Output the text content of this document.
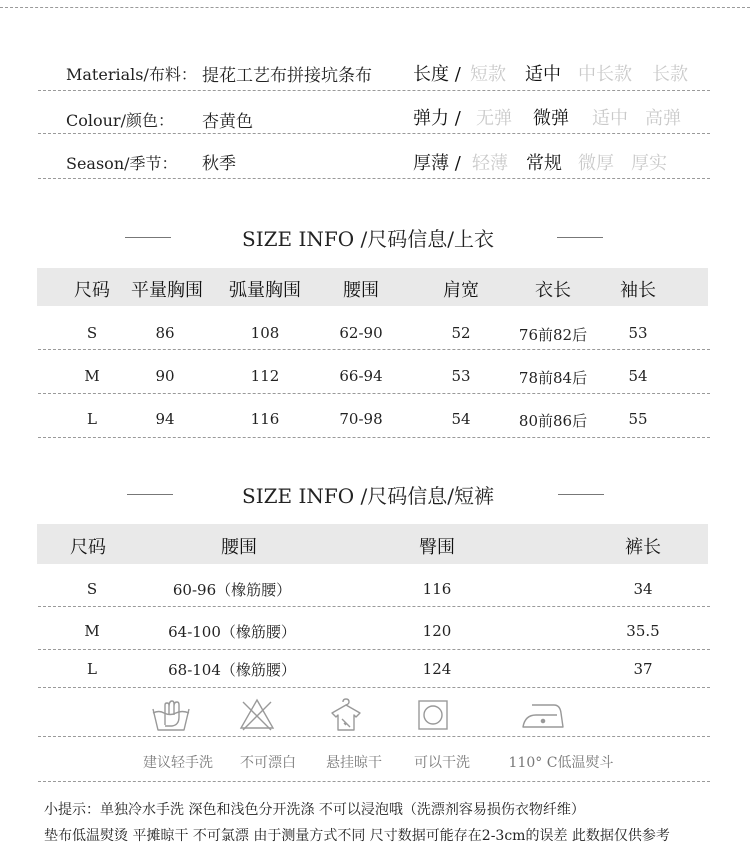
Materials/布料： 提花工艺布拼接坑条布
Colour/颜色： 杏黄色
Season/季节： 秋季
长度 / 短款 适中 中长款 长款
弹力 / 无弹 微弹 适中 高弹
厚薄 / 轻薄 常规 微厚 厚实
SIZE INFO /尺码信息/上衣
尺码 平量胸围 弧量胸围 腰围	肩宽	衣长	袖长
S	86	108	62-90	52	76前82后	53
M	90	112	66-94	53	78前84后	54
L	94	116	70-98	54	80前86后	55
SIZE INFO /尺码信息/短裤
尺码	腰围	臀围	裤长
S	60-96（橡筋腰）	116	34
M	64-100（橡筋腰）	120	35.5
L	68-104（橡筋腰）	124	37
建议轻手洗 不可漂白 悬挂晾干 可以干洗	110° C低温熨斗
小提示：单独冷水手洗 深色和浅色分开洗涤 不可以浸泡哦（洗漂剂容易损伤衣物纤维）
垫布低温熨烫 平摊晾干 不可氯漂 由于测量方式不同 尺寸数据可能存在2-3cm的误差 此数据仅供参考
